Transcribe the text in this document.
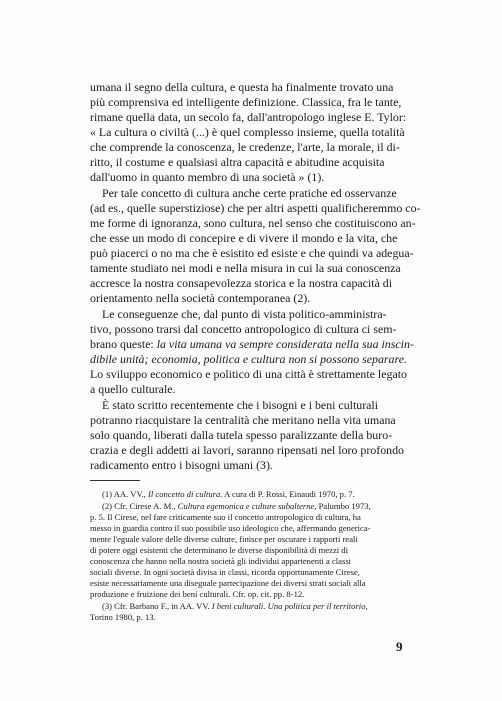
umana il segno della cultura, e questa ha finalmente trovato una
più comprensiva ed intelligente definizione. Classica, fra le tante,
rimane quella data, un secolo fa, dall'antropologo inglese E. Tylor:
« La cultura o civiltà (...) è quel complesso insieme, quella totalità
che comprende la conoscenza, le credenze, l'arte, la morale, il di-
ritto, il costume e qualsiasi altra capacità e abitudine acquisita
dall'uomo in quanto membro di una società » (1).
Per tale concetto di cultura anche certe pratiche ed osservanze
(ad es., quelle superstiziose) che per altri aspetti qualificheremmo co-
me forme di ignoranza, sono cultura, nel senso che costituiscono an-
che esse un modo di concepire e di vivere il mondo e la vita, che
può piacerci o no ma che è esistito ed esiste e che quindi va adegua-
tamente studiato nei modi e nella misura in cui la sua conoscenza
accresce la nostra consapevolezza storica e la nostra capacità di
orientamento nella società contemporanea (2).
Le conseguenze che, dal punto di vista politico-amministra-
tivo, possono trarsi dal concetto antropologico di cultura ci sem-
brano queste: la vita umana va sempre considerata nella sua inscin-
dibile unità; economia, politica e cultura non si possono separare.
Lo sviluppo economico e politico di una città è strettamente legato
a quello culturale.
È stato scritto recentemente che i bisogni e i beni culturali
potranno riacquistare la centralità che meritano nella vita umana
solo quando, liberati dalla tutela spesso paralizzante della buro-
crazia e degli addetti ai lavori, saranno ripensati nel loro profondo
radicamento entro i bisogni umani (3).
(1) AA. VV., Il concetto di cultura. A cura di P. Rossi, Einaudi 1970, p. 7.
(2) Cfr. Cirese A. M., Cultura egemonica e culture subalterne, Palumbo 1973,
p. 5. Il Cirese, nel fare criticamente suo il concetto antropologico di cultura, ha
messo in guardia contro il suo possibile uso ideologico che, affermando generica-
mente l'eguale valore delle diverse culture, finisce per oscurare i rapporti reali
di potere oggi esistenti che determinano le diverse disponibilità di mezzi di
conoscenza che hanno nella nostra società gli individui appartenenti a classi
sociali diverse. In ogni società divisa in classi, ricorda opportunamente Cirese,
esiste necessariamente una diseguale partecipazione dei diversi strati sociali alla
produzione e fruizione dei beni culturali. Cfr. op. cit. pp. 8-12.
(3) Cfr. Barbano F., in AA. VV. I beni culturali. Una politica per il territorio,
Torino 1980, p. 13.
9
